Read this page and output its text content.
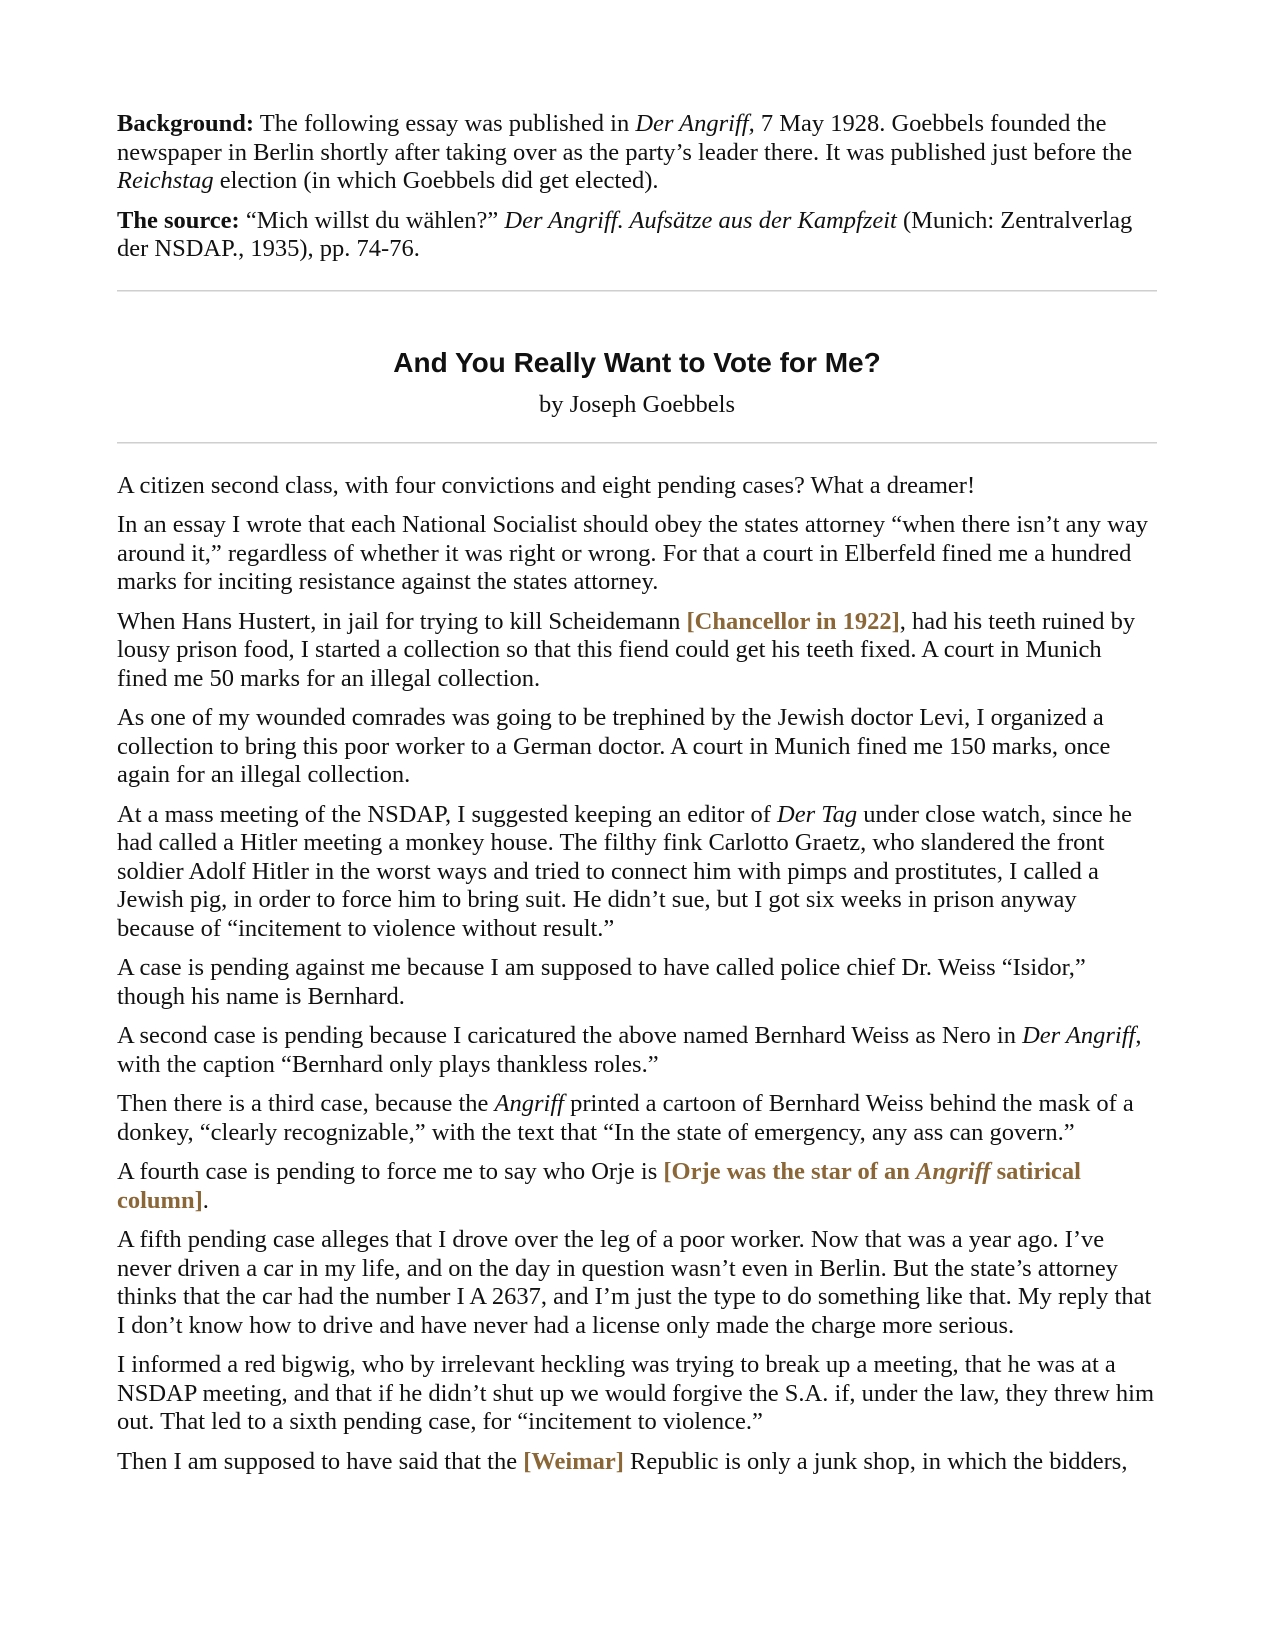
Background: The following essay was published in Der Angriff, 7 May 1928. Goebbels founded the newspaper in Berlin shortly after taking over as the party’s leader there. It was published just before the Reichstag election (in which Goebbels did get elected).

The source: “Mich willst du wählen?” Der Angriff. Aufsätze aus der Kampfzeit (Munich: Zentralverlag der NSDAP., 1935), pp. 74-76.

And You Really Want to Vote for Me?
by Joseph Goebbels

A citizen second class, with four convictions and eight pending cases? What a dreamer!

In an essay I wrote that each National Socialist should obey the states attorney “when there isn’t any way around it,” regardless of whether it was right or wrong. For that a court in Elberfeld fined me a hundred marks for inciting resistance against the states attorney.

When Hans Hustert, in jail for trying to kill Scheidemann [Chancellor in 1922], had his teeth ruined by lousy prison food, I started a collection so that this fiend could get his teeth fixed. A court in Munich fined me 50 marks for an illegal collection.

As one of my wounded comrades was going to be trephined by the Jewish doctor Levi, I organized a collection to bring this poor worker to a German doctor. A court in Munich fined me 150 marks, once again for an illegal collection.

At a mass meeting of the NSDAP, I suggested keeping an editor of Der Tag under close watch, since he had called a Hitler meeting a monkey house. The filthy fink Carlotto Graetz, who slandered the front soldier Adolf Hitler in the worst ways and tried to connect him with pimps and prostitutes, I called a Jewish pig, in order to force him to bring suit. He didn’t sue, but I got six weeks in prison anyway because of “incitement to violence without result.”

A case is pending against me because I am supposed to have called police chief Dr. Weiss “Isidor,” though his name is Bernhard.

A second case is pending because I caricatured the above named Bernhard Weiss as Nero in Der Angriff, with the caption “Bernhard only plays thankless roles.”

Then there is a third case, because the Angriff printed a cartoon of Bernhard Weiss behind the mask of a donkey, “clearly recognizable,” with the text that “In the state of emergency, any ass can govern.”

A fourth case is pending to force me to say who Orje is [Orje was the star of an Angriff satirical column].

A fifth pending case alleges that I drove over the leg of a poor worker. Now that was a year ago. I’ve never driven a car in my life, and on the day in question wasn’t even in Berlin. But the state’s attorney thinks that the car had the number I A 2637, and I’m just the type to do something like that. My reply that I don’t know how to drive and have never had a license only made the charge more serious.

I informed a red bigwig, who by irrelevant heckling was trying to break up a meeting, that he was at a NSDAP meeting, and that if he didn’t shut up we would forgive the S.A. if, under the law, they threw him out. That led to a sixth pending case, for “incitement to violence.”

Then I am supposed to have said that the [Weimar] Republic is only a junk shop, in which the bidders,
